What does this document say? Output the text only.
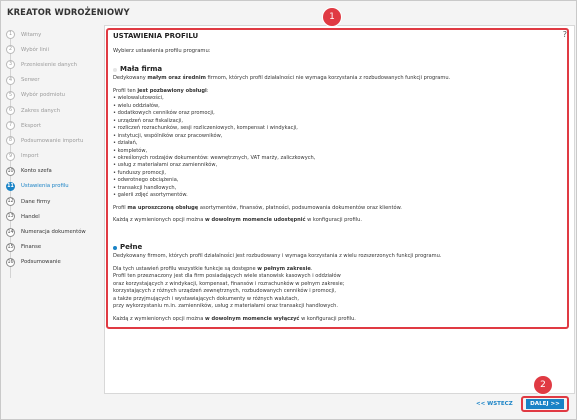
KREATOR WDROŻENIOWY
1	Witamy
2	Wybór linii
3	Przeniesienie danych
4	Serwer
5	Wybór podmiotu
6	Zakres danych
7	Eksport
8	Podsumowanie importu
9	Import
10 Konto szefa
11 Ustawienia profilu
12 Dane firmy
13 Handel
14 Numeracja dokumentów
15 Finanse
16 Podsumowanie
USTAWIENIA PROFILU	?
Wybierz ustawienia profilu programu:
Mała firma

Dedykowany małym oraz średnim firmom, których profil działalności nie wymaga korzystania z rozbudowanych funkcji programu.

Profil ten jest pozbawiony obsługi:

• wielowalutowości,
• wielu oddziałów,
• dodatkowych cenników oraz promocji,
• urządzeń oraz fiskalizacji,
• rozliczeń rozrachunków, sesji rozliczeniowych, kompensat i windykacji,
• instytucji, wspólników oraz pracowników,
• działań,
• kompletów,
• określonych rodzajów dokumentów: wewnętrznych, VAT marży, zaliczkowych,
• usług z materiałami oraz zamienników,
• funduszy promocji,
• odwrotnego obciążenia,
• transakcji handlowych,
• galerii zdjęć asortymentów.

Profil ma uproszczoną obsługę asortymentów, finansów, płatności, podsumowania dokumentów oraz klientów.

Każdą z wymienionych opcji można w dowolnym momencie udostępnić w konfiguracji profilu.

Pełne

Dedykowany firmom, których profil działalności jest rozbudowany i wymaga korzystania z wielu rozszerzonych funkcji programu.

Dla tych ustawień profilu wszystkie funkcje są dostępne w pełnym zakresie.

Profil ten przeznaczony jest dla firm posiadających wiele stanowisk kasowych i oddziałów

oraz korzystających z windykacji, kompensat, finansów i rozrachunków w pełnym zakresie;

korzystających z różnych urządzeń zewnętrznych, rozbudowanych cenników i promocji,

a także przyjmujących i wystawiających dokumenty w różnych walutach,

przy wykorzystaniu m.in. zamienników, usług z materiałami oraz transakcji handlowych.

Każdą z wymienionych opcji można w dowolnym momencie wyłączyć w konfiguracji profilu.

1
2
<< WSTECZ	DALEJ >>
